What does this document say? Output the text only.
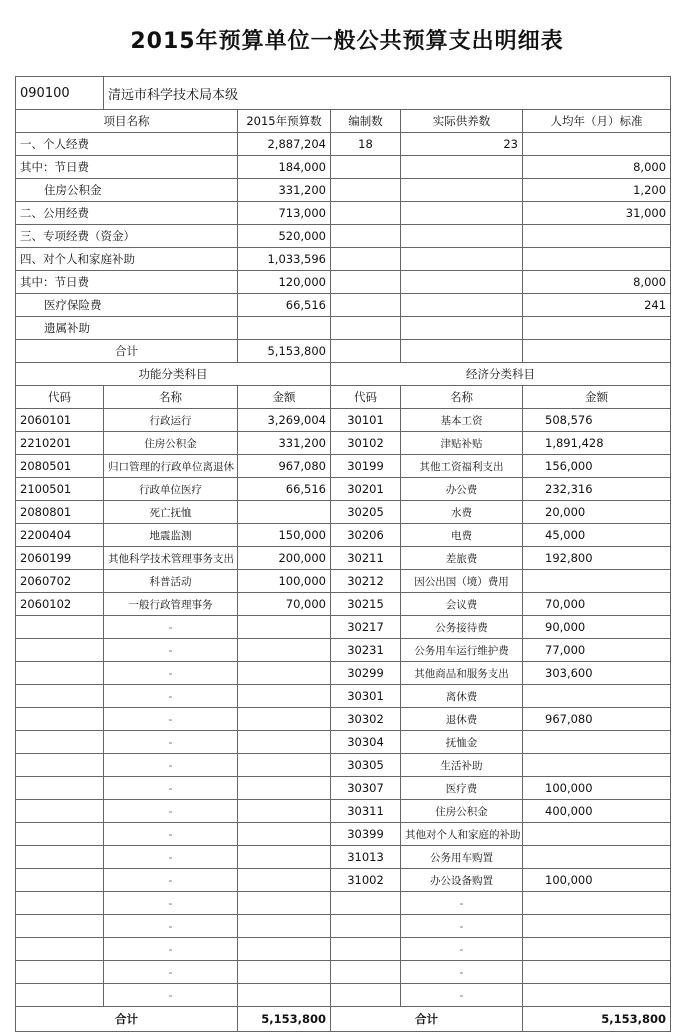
2015年预算单位一般公共预算支出明细表
090100	清远市科学技术局本级				
项目名称		2015年预算数	编制数	实际供养数	人均年（月）标准
一、个人经费		2,887,204	18	23	
其中：节日费		184,000			8,000
住房公积金		331,200			1,200
二、公用经费		713,000			31,000
三、专项经费（资金）		520,000			
四、对个人和家庭补助		1,033,596			
其中：节日费		120,000			8,000
医疗保险费		66,516			241
遗属补助					
合计		5,153,800			
功能分类科目			经济分类科目		
代码	名称	金额	代码	名称	金额
2060101	行政运行	3,269,004	30101	基本工资	508,576
2210201	住房公积金	331,200	30102	津贴补贴	1,891,428
2080501	归口管理的行政单位离退休	967,080	30199	其他工资福利支出	156,000
2100501	行政单位医疗	66,516	30201	办公费	232,316
2080801	死亡抚恤		30205	水费	20,000
2200404	地震监测	150,000	30206	电费	45,000
2060199	其他科学技术管理事务支出	200,000	30211	差旅费	192,800
2060702	科普活动	100,000	30212	因公出国（境）费用	
2060102	一般行政管理事务	70,000	30215	会议费	70,000
	-		30217	公务接待费	90,000
	-		30231	公务用车运行维护费	77,000
	-		30299	其他商品和服务支出	303,600
	-		30301	离休费	
	-		30302	退休费	967,080
	-		30304	抚恤金	
	-		30305	生活补助	
	-		30307	医疗费	100,000
	-		30311	住房公积金	400,000
	-		30399	其他对个人和家庭的补助	
	-		31013	公务用车购置	
	-		31002	办公设备购置	100,000
	-			-	
	-			-	
	-			-	
	-			-	
	-			-	
合计		5,153,800	合计		5,153,800
